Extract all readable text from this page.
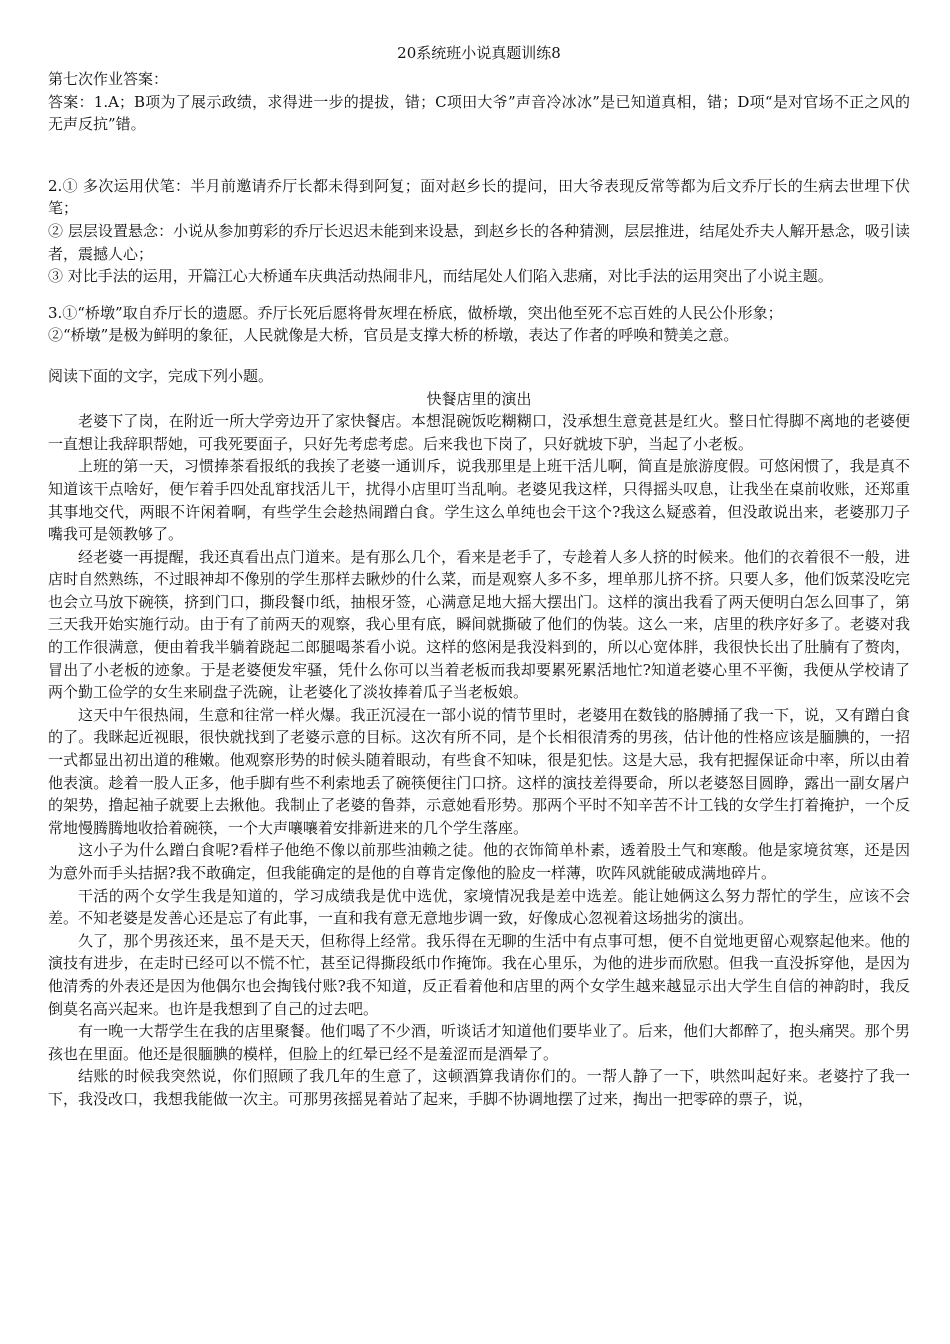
20系统班小说真题训练8

第七次作业答案：

答案：1.A；B项为了展示政绩，求得进一步的提拔，错；C项田大爷”声音冷冰冰”是已知道真相，错；D项“是对官场不正之风的无声反抗”错。

2.① 多次运用伏笔：半月前邀请乔厅长都未得到阿复；面对赵乡长的提问，田大爷表现反常等都为后文乔厅长的生病去世埋下伏笔；

② 层层设置悬念：小说从参加剪彩的乔厅长迟迟未能到来设悬，到赵乡长的各种猜测，层层推进，结尾处乔夫人解开悬念，吸引读者，震撼人心；

③ 对比手法的运用，开篇江心大桥通车庆典活动热闹非凡，而结尾处人们陷入悲痛，对比手法的运用突出了小说主题。

3.①“桥墩”取自乔厅长的遗愿。乔厅长死后愿将骨灰埋在桥底，做桥墩，突出他至死不忘百姓的人民公仆形象；

②“桥墩”是极为鲜明的象征，人民就像是大桥，官员是支撑大桥的桥墩，表达了作者的呼唤和赞美之意。

阅读下面的文字，完成下列小题。

快餐店里的演出

老婆下了岗，在附近一所大学旁边开了家快餐店。本想混碗饭吃糊糊口，没承想生意竟甚是红火。整日忙得脚不离地的老婆便一直想让我辞职帮她，可我死要面子，只好先考虑考虑。后来我也下岗了，只好就坡下驴，当起了小老板。

上班的第一天，习惯捧茶看报纸的我挨了老婆一通训斥，说我那里是上班干活儿啊，简直是旅游度假。可悠闲惯了，我是真不知道该干点啥好，便乍着手四处乱窜找活儿干，扰得小店里叮当乱响。老婆见我这样，只得摇头叹息，让我坐在桌前收账，还郑重其事地交代，两眼不许闲着啊，有些学生会趁热闹蹭白食。学生这么单纯也会干这个?我这么疑惑着，但没敢说出来，老婆那刀子嘴我可是领教够了。

经老婆一再提醒，我还真看出点门道来。是有那么几个，看来是老手了，专趁着人多人挤的时候来。他们的衣着很不一般，进店时自然熟练，不过眼神却不像别的学生那样去瞅炒的什么菜，而是观察人多不多，埋单那儿挤不挤。只要人多，他们饭菜没吃完也会立马放下碗筷，挤到门口，撕段餐巾纸，抽根牙签，心满意足地大摇大摆出门。这样的演出我看了两天便明白怎么回事了，第三天我开始实施行动。由于有了前两天的观察，我心里有底，瞬间就撕破了他们的伪装。这么一来，店里的秩序好多了。老婆对我的工作很满意，便由着我半躺着跷起二郎腿喝茶看小说。这样的悠闲是我没料到的，所以心宽体胖，我很快长出了肚腩有了赘肉，冒出了小老板的迹象。于是老婆便发牢骚，凭什么你可以当着老板而我却要累死累活地忙?知道老婆心里不平衡，我便从学校请了两个勤工俭学的女生来刷盘子洗碗，让老婆化了淡妆捧着瓜子当老板娘。

这天中午很热闹，生意和往常一样火爆。我正沉浸在一部小说的情节里时，老婆用在数钱的胳膊捅了我一下，说，又有蹭白食的了。我眯起近视眼，很快就找到了老婆示意的目标。这次有所不同，是个长相很清秀的男孩，估计他的性格应该是腼腆的，一招一式都显出初出道的稚嫩。他观察形势的时候头随着眼动，有些食不知味，很是犯怯。这是大忌，我有把握保证命中率，所以由着他表演。趁着一股人正多，他手脚有些不利索地丢了碗筷便往门口挤。这样的演技差得要命，所以老婆怒目圆睁，露出一副女屠户的架势，撸起袖子就要上去揪他。我制止了老婆的鲁莽，示意她看形势。那两个平时不知辛苦不计工钱的女学生打着掩护，一个反常地慢腾腾地收拾着碗筷，一个大声嚷嚷着安排新进来的几个学生落座。

这小子为什么蹭白食呢?看样子他绝不像以前那些油赖之徒。他的衣饰简单朴素，透着股土气和寒酸。他是家境贫寒，还是因为意外而手头拮据?我不敢确定，但我能确定的是他的自尊肯定像他的脸皮一样薄，吹阵风就能破成满地碎片。

干活的两个女学生我是知道的，学习成绩我是优中选优，家境情况我是差中选差。能让她俩这么努力帮忙的学生，应该不会差。不知老婆是发善心还是忘了有此事，一直和我有意无意地步调一致，好像成心忽视着这场拙劣的演出。

久了，那个男孩还来，虽不是天天，但称得上经常。我乐得在无聊的生活中有点事可想，便不自觉地更留心观察起他来。他的演技有进步，在走时已经可以不慌不忙，甚至记得撕段纸巾作掩饰。我在心里乐，为他的进步而欣慰。但我一直没拆穿他，是因为他清秀的外表还是因为他偶尔也会掏钱付账?我不知道，反正看着他和店里的两个女学生越来越显示出大学生自信的神韵时，我反倒莫名高兴起来。也许是我想到了自己的过去吧。

有一晚一大帮学生在我的店里聚餐。他们喝了不少酒，听谈话才知道他们要毕业了。后来，他们大都醉了，抱头痛哭。那个男孩也在里面。他还是很腼腆的模样，但脸上的红晕已经不是羞涩而是酒晕了。

结账的时候我突然说，你们照顾了我几年的生意了，这顿酒算我请你们的。一帮人静了一下，哄然叫起好来。老婆拧了我一下，我没改口，我想我能做一次主。可那男孩摇晃着站了起来，手脚不协调地摆了过来，掏出一把零碎的票子，说，
